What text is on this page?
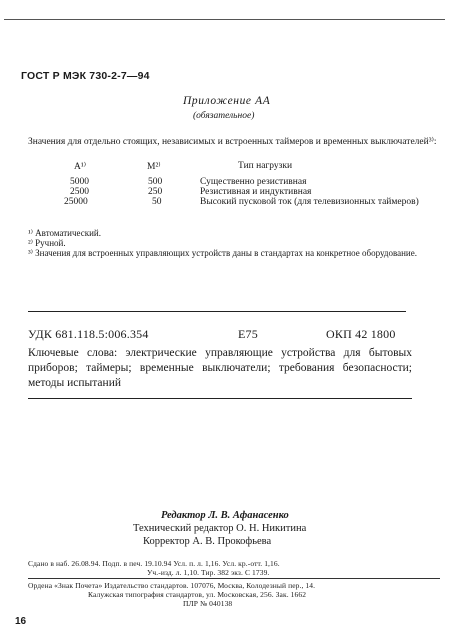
ГОСТ Р МЭК 730-2-7—94
Приложение АА
(обязательное)
Значения для отдельно стоящих, независимых и встроенных таймеров и временных выключателей³⁾:
A¹⁾	M²⁾	Тип нагрузки
5000	500	Существенно резистивная
2500	250	Резистивная и индуктивная
25000	50	Высокий пусковой ток (для телевизионных таймеров)
¹⁾ Автоматический.
²⁾ Ручной.
³⁾ Значения для встроенных управляющих устройств даны в стандартах на конкретное оборудование.
УДК 681.118.5:006.354	Е75	ОКП 42 1800
Ключевые слова: электрические управляющие устройства для бытовых приборов; таймеры; временные выключатели; требования безопасности; методы испытаний
Редактор Л. В. Афанасенко
Технический редактор О. Н. Никитина
Корректор А. В. Прокофьева
Сдано в наб. 26.08.94. Подп. в печ. 19.10.94 Усл. п. л. 1,16. Усл. кр.-отт. 1,16.
Уч.-изд. л. 1,10. Тир. 382 экз. С 1739.
Ордена «Знак Почета» Издательство стандартов. 107076, Москва, Колодезный пер., 14.
Калужская типография стандартов, ул. Московская, 256. Зак. 1662
ПЛР № 040138
16
